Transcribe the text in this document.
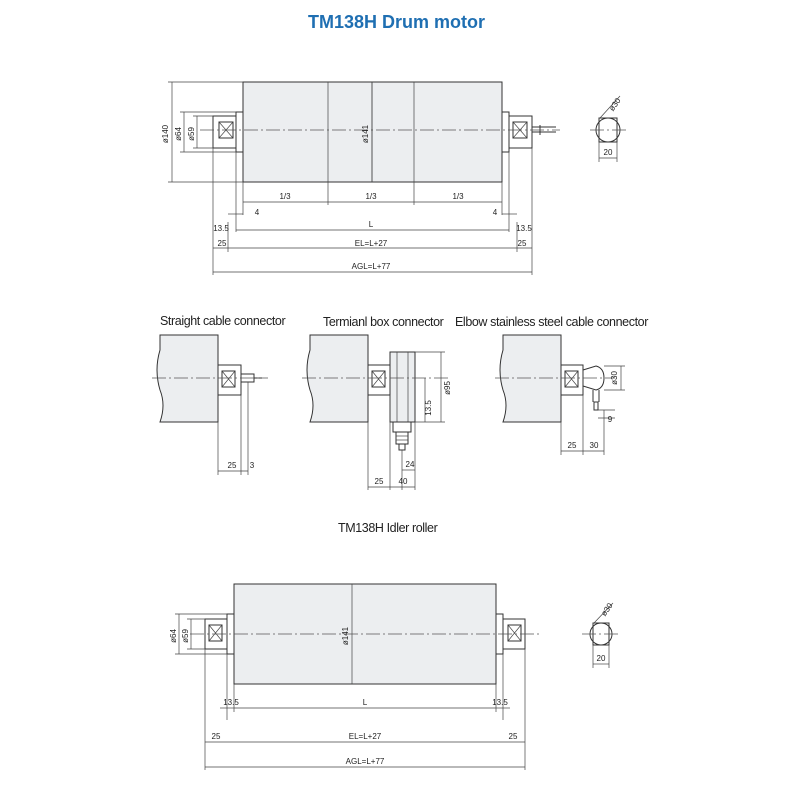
TM138H Drum motor
Straight cable connector	Termianl box connector Elbow stainless steel cable connector
TM138H Idler roller
ø140 ø64 ø59	ø141
1/3	1/3	1/3
4	4
L
13.5	13.5
25	25
EL=L+27
AGL=L+77
ø30
20
25 3
ø95
13.5
24
25 40
ø30
9
25 30
ø64 ø59	ø141
13.5	L	13.5
25	EL=L+27	25
AGL=L+77
ø30
20
